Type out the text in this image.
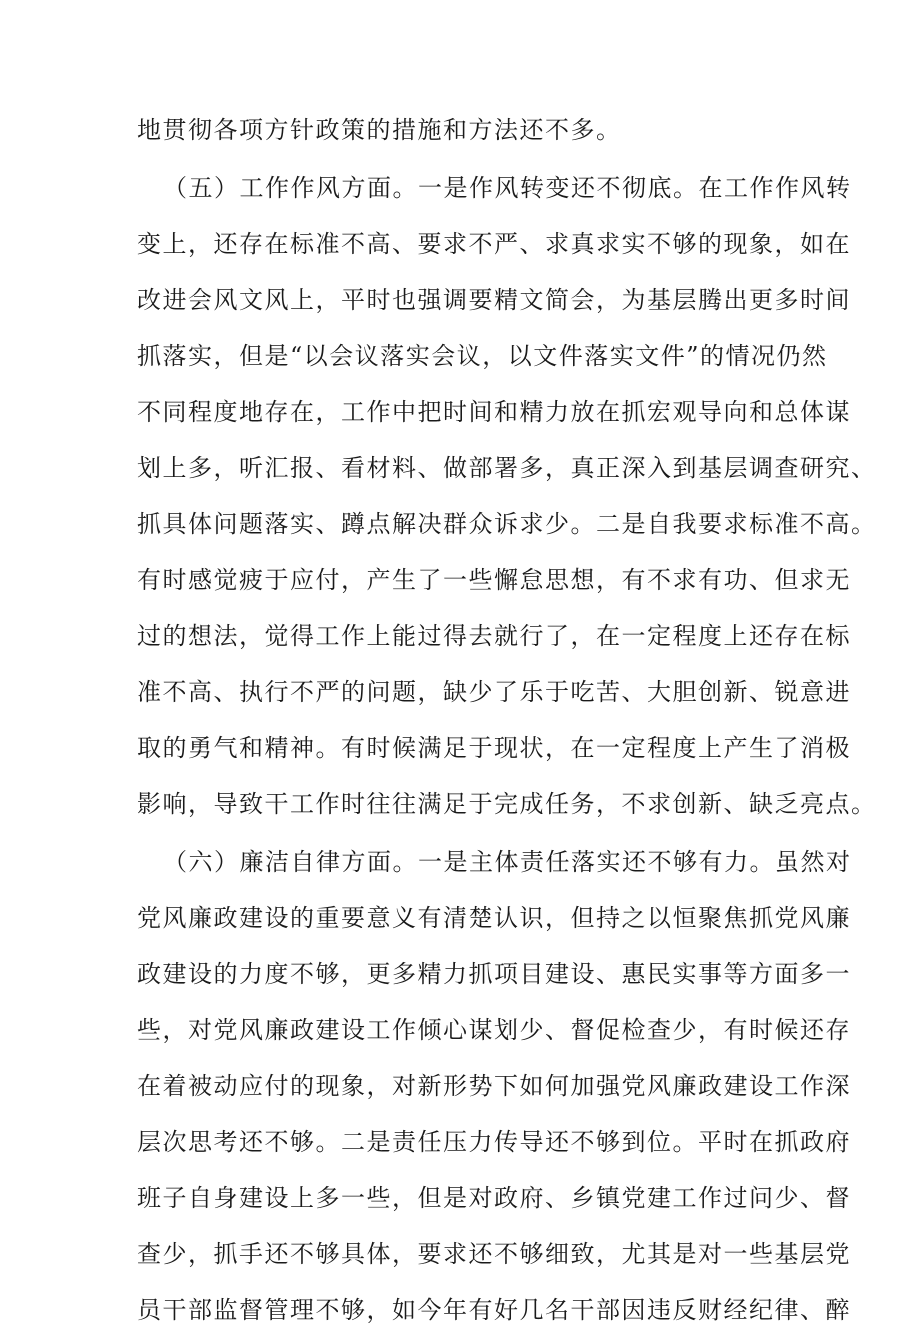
地贯彻各项方针政策的措施和方法还不多。
（五）工作作风方面。一是作风转变还不彻底。在工作作风转
变上，还存在标准不高、要求不严、求真求实不够的现象，如在
改进会风文风上，平时也强调要精文简会，为基层腾出更多时间
抓落实，但是“以会议落实会议，以文件落实文件”的情况仍然
不同程度地存在，工作中把时间和精力放在抓宏观导向和总体谋
划上多，听汇报、看材料、做部署多，真正深入到基层调查研究、
抓具体问题落实、蹲点解决群众诉求少。二是自我要求标准不高。
有时感觉疲于应付，产生了一些懈怠思想，有不求有功、但求无
过的想法，觉得工作上能过得去就行了，在一定程度上还存在标
准不高、执行不严的问题，缺少了乐于吃苦、大胆创新、锐意进
取的勇气和精神。有时候满足于现状，在一定程度上产生了消极
影响，导致干工作时往往满足于完成任务，不求创新、缺乏亮点。
（六）廉洁自律方面。一是主体责任落实还不够有力。虽然对
党风廉政建设的重要意义有清楚认识，但持之以恒聚焦抓党风廉
政建设的力度不够，更多精力抓项目建设、惠民实事等方面多一
些，对党风廉政建设工作倾心谋划少、督促检查少，有时候还存
在着被动应付的现象，对新形势下如何加强党风廉政建设工作深
层次思考还不够。二是责任压力传导还不够到位。平时在抓政府
班子自身建设上多一些，但是对政府、乡镇党建工作过问少、督
查少，抓手还不够具体，要求还不够细致，尤其是对一些基层党
员干部监督管理不够，如今年有好几名干部因违反财经纪律、醉
